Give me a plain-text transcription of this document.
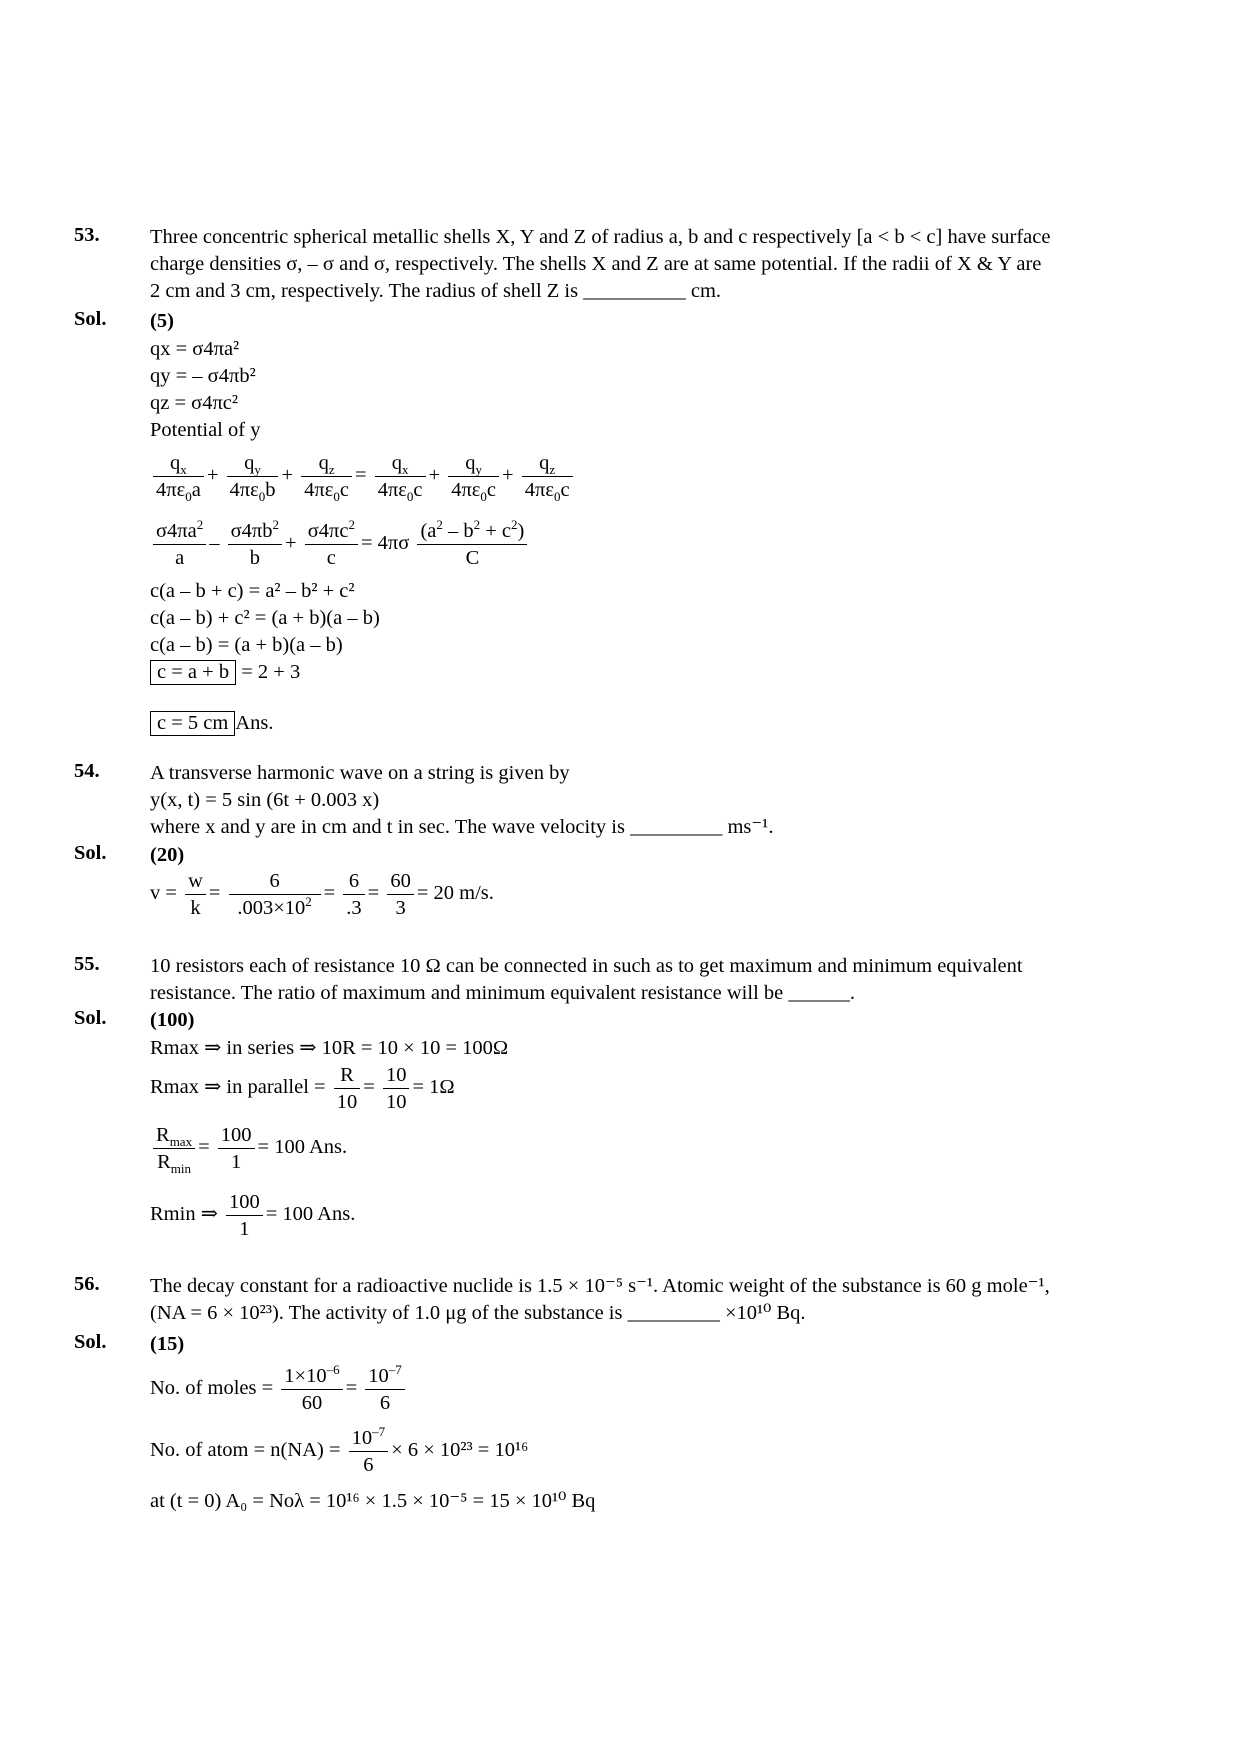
53. Three concentric spherical metallic shells X, Y and Z of radius a, b and c respectively [a < b < c] have surface
charge densities σ, – σ and σ, respectively. The shells X and Z are at same potential. If the radii of X & Y are
2 cm and 3 cm, respectively. The radius of shell Z is __________ cm.
Sol. (5)
qx = σ4πa²
qy = – σ4πb²
qz = σ4πc²
Potential of y
$\frac{q_x}{4\pi\varepsilon_0a} + \frac{q_y}{4\pi\varepsilon_0b} + \frac{q_z}{4\pi\varepsilon_0c} = \frac{q_x}{4\pi\varepsilon_0c} + \frac{q_y}{4\pi\varepsilon_0c} + \frac{q_z}{4\pi\varepsilon_0c}$
$\frac{\sigma 4\pi a^2}{a} - \frac{\sigma 4\pi b^2}{b} + \frac{\sigma 4\pi c^2}{c} = 4\pi\sigma \frac{(a^2 - b^2 + c^2)}{C}$
c(a – b + c) = a² – b² + c²
c(a – b) + c² = (a + b)(a – b)
c(a – b) = (a + b)(a – b)
c = a + b = 2 + 3
c = 5 cm Ans.
54. A transverse harmonic wave on a string is given by
y(x, t) = 5 sin (6t + 0.003 x)
where x and y are in cm and t in sec. The wave velocity is _________ ms⁻¹.
Sol. (20)
$v = \frac{w}{k} = \frac{6}{.003\times 10^2} = \frac{6}{.3} = \frac{60}{3} = 20$ m/s.
55. 10 resistors each of resistance 10 Ω can be connected in such as to get maximum and minimum equivalent
resistance. The ratio of maximum and minimum equivalent resistance will be ______.
Sol. (100)
Rmax ⇒ in series ⇒ 10R = 10 × 10 = 100Ω
Rmax ⇒ in parallel = $\frac{R}{10} = \frac{10}{10} = 1\Omega$
$\frac{R_{max}}{R_{min}} = \frac{100}{1} = 100$ Ans.
Rmin ⇒ $\frac{100}{1} = 100$ Ans.
56. The decay constant for a radioactive nuclide is 1.5 × 10⁻⁵ s⁻¹. Atomic weight of the substance is 60 g mole⁻¹,
(NA = 6 × 10²³). The activity of 1.0 μg of the substance is _________ ×10¹⁰ Bq.
Sol. (15)
No. of moles = $\frac{1\times 10^{-6}}{60} = \frac{10^{-7}}{6}$
No. of atom = $n(NA) = \frac{10^{-7}}{6} \times 6 \times 10^{23} = 10^{16}$
at (t = 0) A₀ = Noλ = 10¹⁶ × 1.5 × 10⁻⁵ = 15 × 10¹⁰ Bq
